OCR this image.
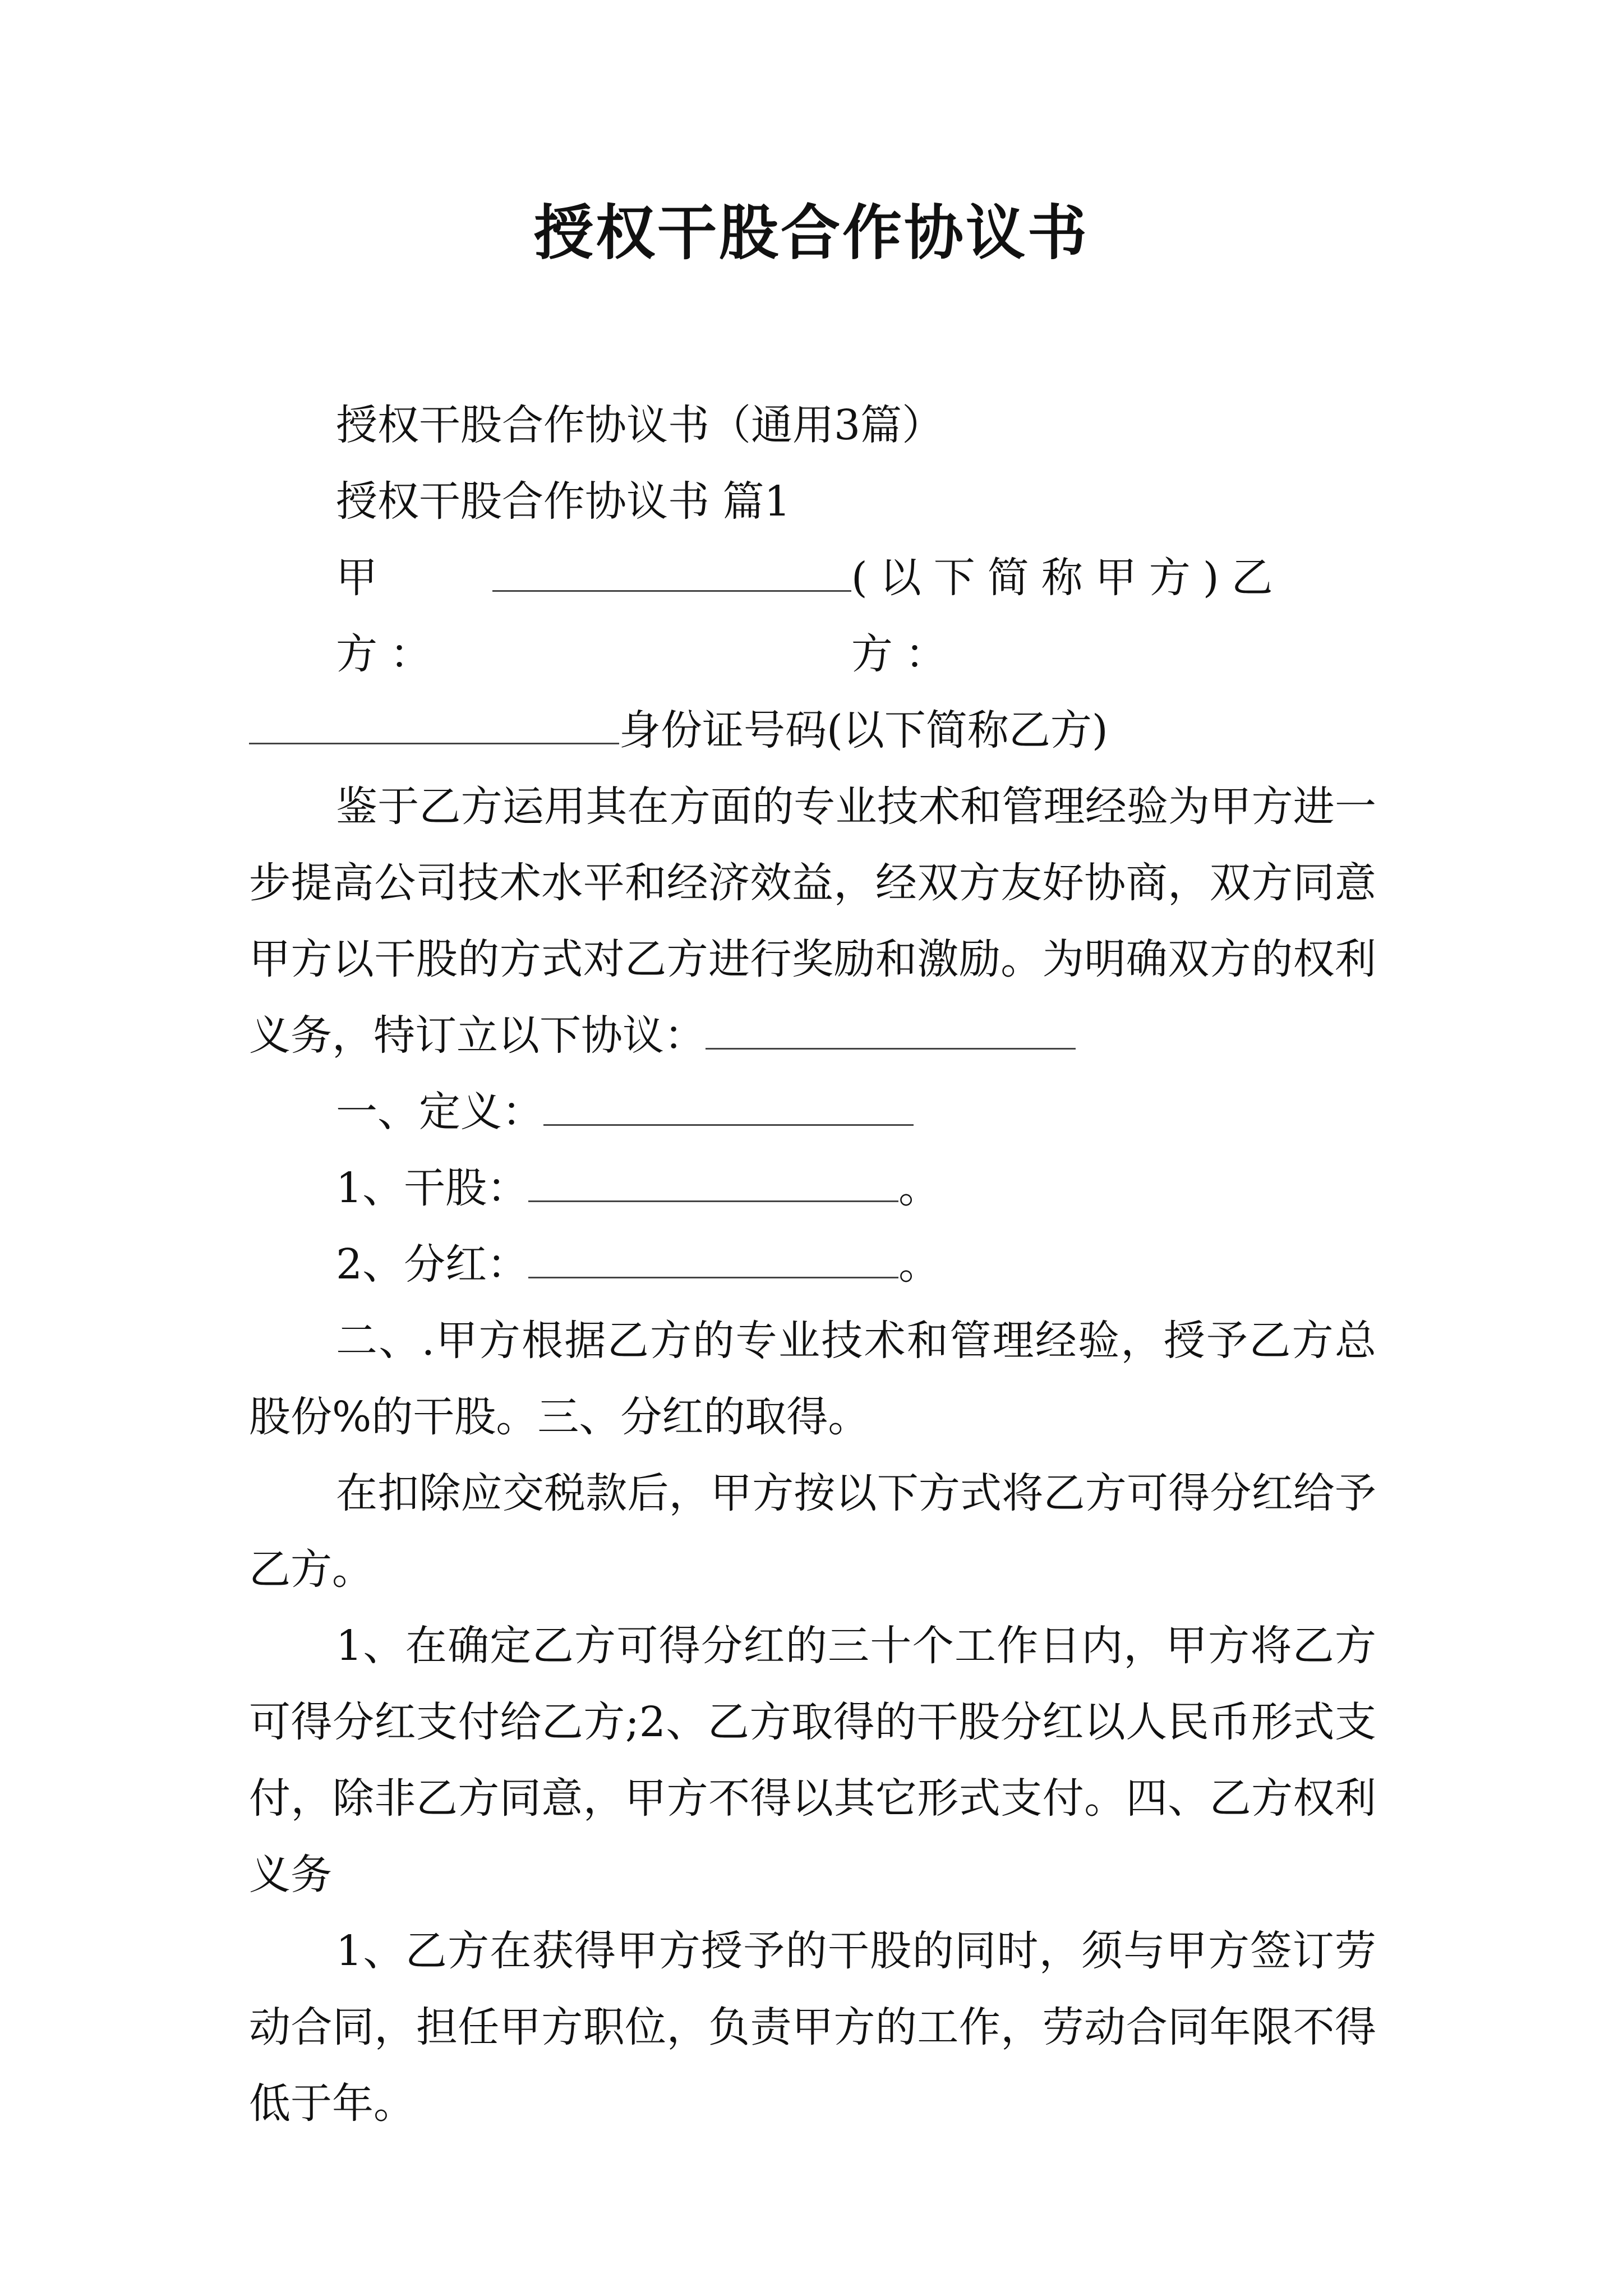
授权干股合作协议书

授权干股合作协议书（通用3篇）

授权干股合作协议书 篇1

甲方：
(以下简称甲方)乙方：

身份证号码(以下简称乙方)

鉴于乙方运用其在方面的专业技术和管理经验为甲方进一步提高公司技术水平和经济效益，经双方友好协商，双方同意甲方以干股的方式对乙方进行奖励和激励。为明确双方的权利义务，特订立以下协议：

一、定义：

1、干股：	。

2、分红：	。

二、.甲方根据乙方的专业技术和管理经验，授予乙方总股份%的干股。三、分红的取得。

在扣除应交税款后，甲方按以下方式将乙方可得分红给予乙方。

1、在确定乙方可得分红的三十个工作日内，甲方将乙方可得分红支付给乙方;2、乙方取得的干股分红以人民币形式支付，除非乙方同意，甲方不得以其它形式支付。四、乙方权利义务

1、乙方在获得甲方授予的干股的同时，须与甲方签订劳动合同，担任甲方职位，负责甲方的工作，劳动合同年限不得低于年。
